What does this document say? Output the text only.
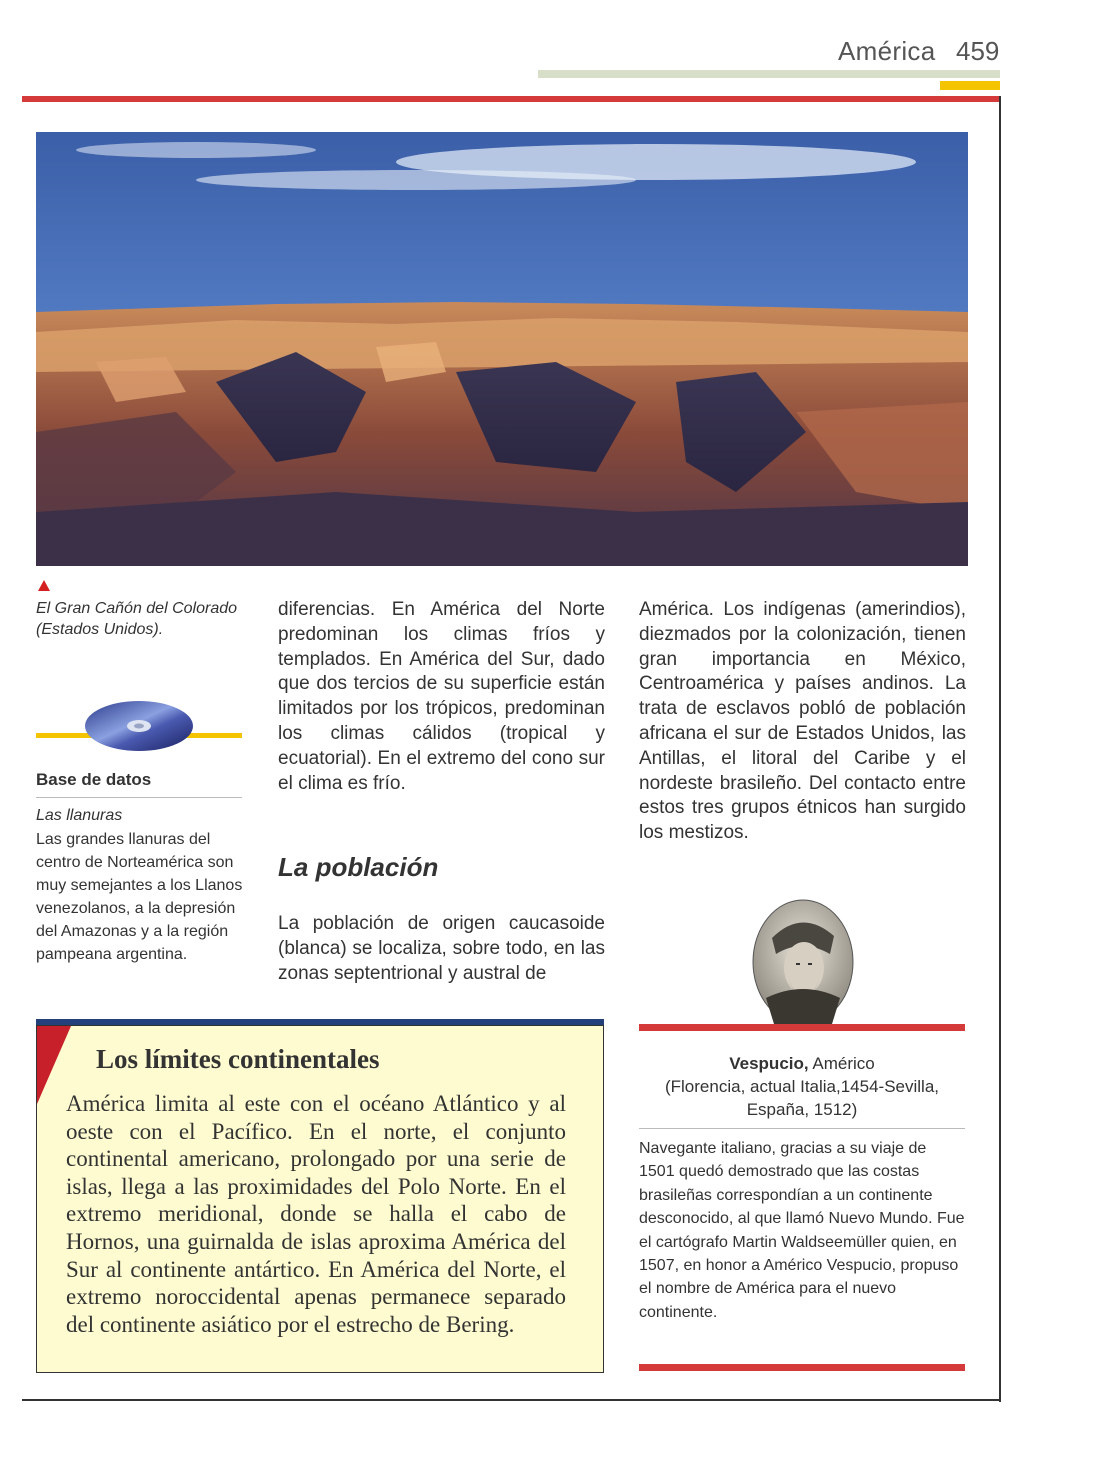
América 459
El Gran Cañón del Colorado (Estados Unidos).
Base de datos
Las llanuras
Las grandes llanuras del centro de Norteamérica son muy semejantes a los Llanos venezolanos, a la depresión del Amazonas y a la región pampeana argentina.
diferencias. En América del Norte predominan los climas fríos y templados. En América del Sur, dado que dos tercios de su superficie están limitados por los trópicos, predominan los climas cálidos (tropical y ecuatorial). En el extremo del cono sur el clima es frío.
La población
La población de origen caucasoide (blanca) se localiza, sobre todo, en las zonas septentrional y austral de
América. Los indígenas (amerindios), diezmados por la colonización, tienen gran importancia en México, Centroamérica y países andinos. La trata de esclavos pobló de población africana el sur de Estados Unidos, las Antillas, el litoral del Caribe y el nordeste brasileño. Del contacto entre estos tres grupos étnicos han surgido los mestizos.
Vespucio, Américo
(Florencia, actual Italia,1454-Sevilla, España, 1512)
Navegante italiano, gracias a su viaje de 1501 quedó demostrado que las costas brasileñas correspondían a un continente desconocido, al que llamó Nuevo Mundo. Fue el cartógrafo Martin Waldseemüller quien, en 1507, en honor a Américo Vespucio, propuso el nombre de América para el nuevo continente.
Los límites continentales
América limita al este con el océano Atlántico y al oeste con el Pacífico. En el norte, el conjunto continental americano, prolongado por una serie de islas, llega a las proximidades del Polo Norte. En el extremo meridional, donde se halla el cabo de Hornos, una guirnalda de islas aproxima América del Sur al continente antártico. En América del Norte, el extremo noroccidental apenas permanece separado del continente asiático por el estrecho de Bering.
